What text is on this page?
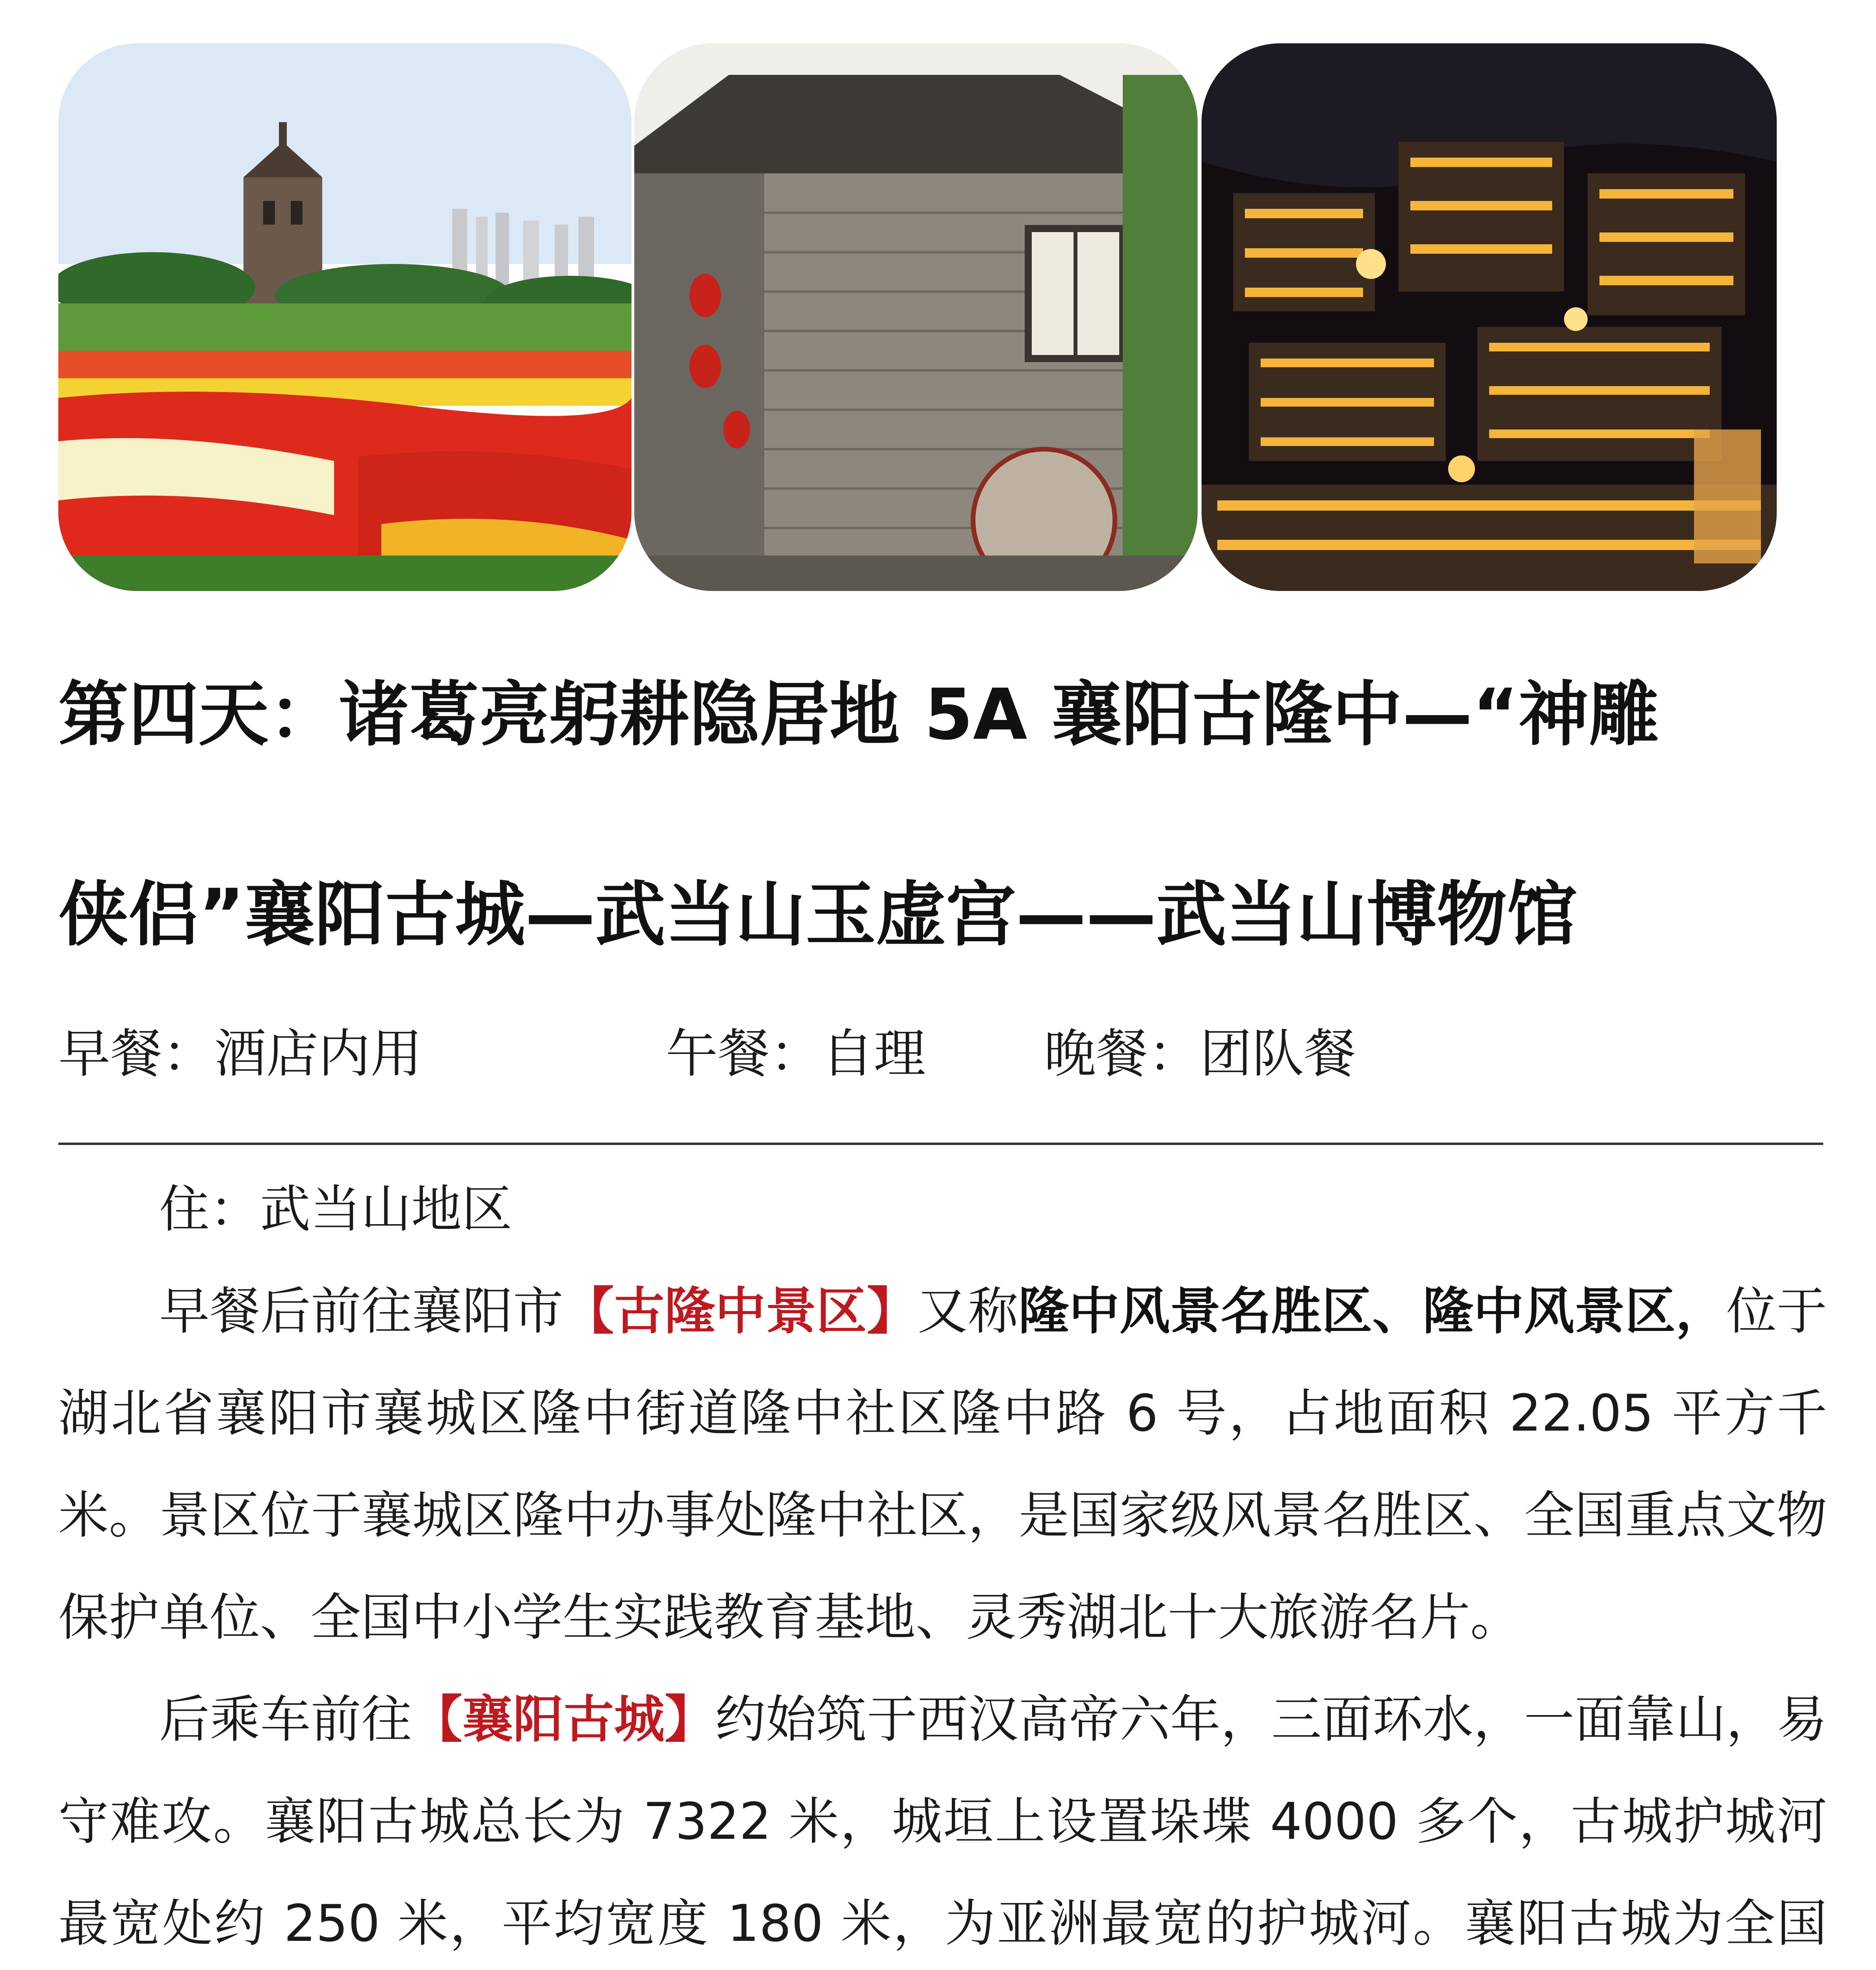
第四天：诸葛亮躬耕隐居地 5A 襄阳古隆中—“神雕
侠侣”襄阳古城—武当山玉虚宫——武当山博物馆
早餐：酒店内用	午餐：自理 晚餐：团队餐

住：武当山地区

早餐后前往襄阳市【古隆中景区】又称隆中风景名胜区、隆中风景区，位于湖北省襄阳市襄城区隆中街道隆中社区隆中路 6 号，占地面积 22.05 平方千米。景区位于襄城区隆中办事处隆中社区，是国家级风景名胜区、全国重点文物保护单位、全国中小学生实践教育基地、灵秀湖北十大旅游名片。

后乘车前往【襄阳古城】约始筑于西汉高帝六年，三面环水，一面靠山，易守难攻。襄阳古城总长为 7322 米，城垣上设置垛堞 4000 多个，古城护城河最宽处约 250 米，平均宽度 180 米，为亚洲最宽的护城河。襄阳古城为全国
